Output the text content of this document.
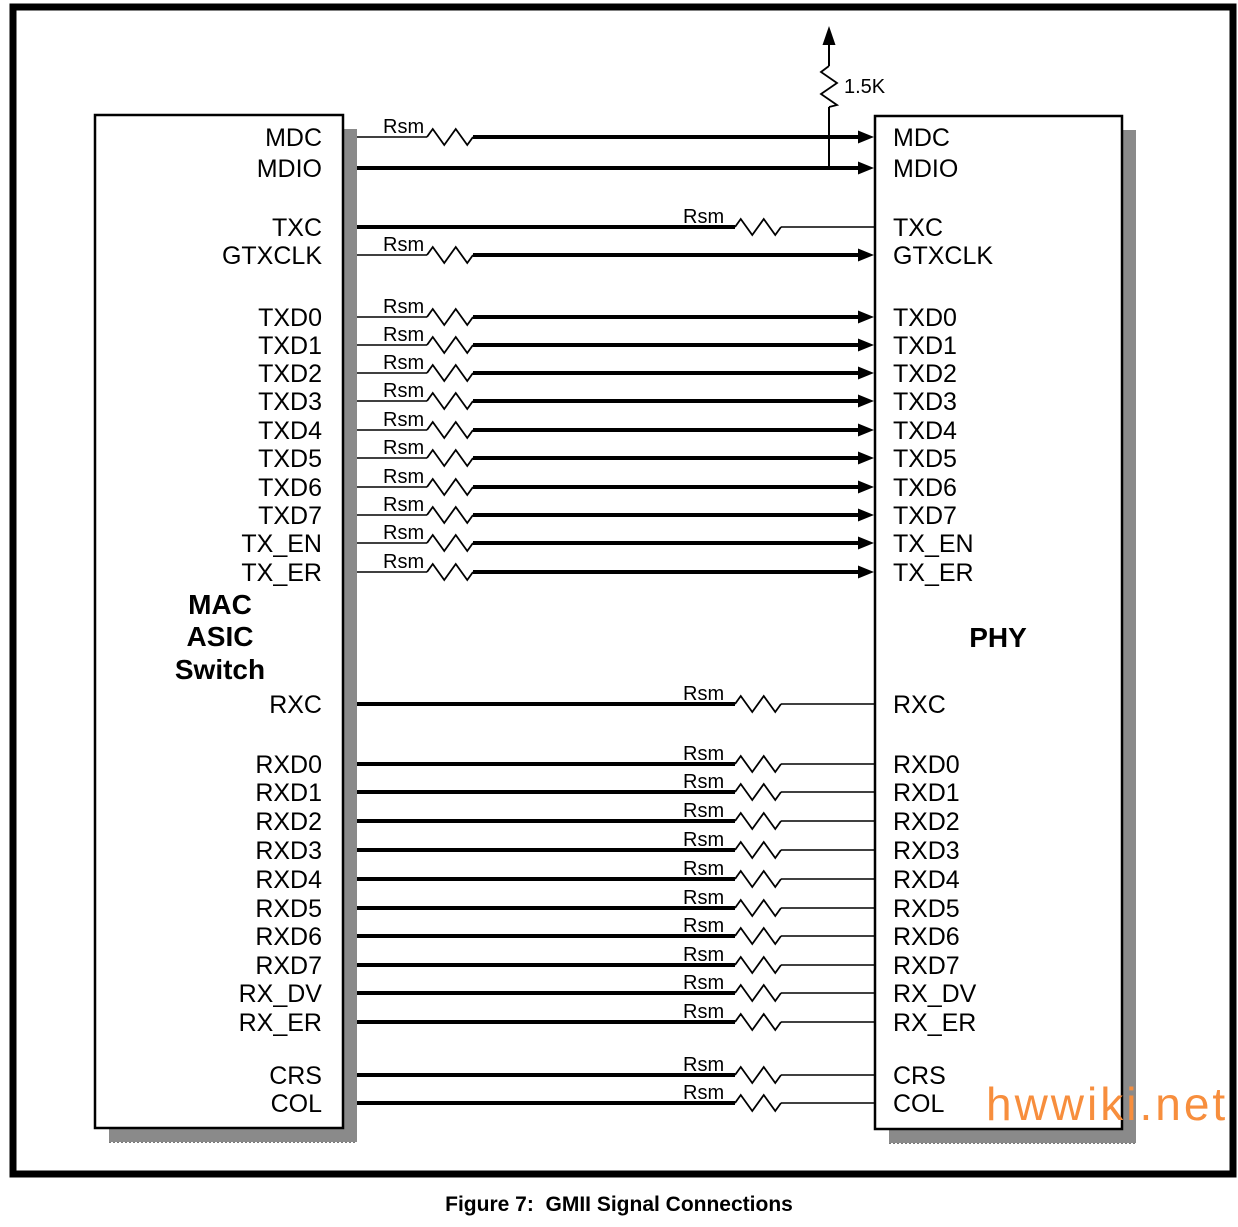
Rsm
MDC	MDC
MDIO	MDIO
Rsm
TXC	TXC
Rsm
GTXCLK	GTXCLK
Rsm
TXD0	TXD0
Rsm
TXD1	TXD1
Rsm
TXD2	TXD2
Rsm
TXD3	TXD3
Rsm
TXD4	TXD4
Rsm
TXD5	TXD5
Rsm
TXD6	TXD6
Rsm
TXD7	TXD7
Rsm
TX_EN	TX_EN
Rsm
TX_ER	TX_ER
Rsm
RXC	RXC
Rsm
RXD0	RXD0
Rsm
RXD1	RXD1
Rsm
RXD2	RXD2
Rsm
RXD3	RXD3
Rsm
RXD4	RXD4
Rsm
RXD5	RXD5
Rsm
RXD6	RXD6
Rsm
RXD7	RXD7
Rsm
RX_DV	RX_DV
Rsm
RX_ER	RX_ER
Rsm
CRS	CRS
Rsm
COL	COL
MAC
ASIC
Switch
PHY
1.5K
Figure 7:  GMII Signal Connections
hwwiki.net
